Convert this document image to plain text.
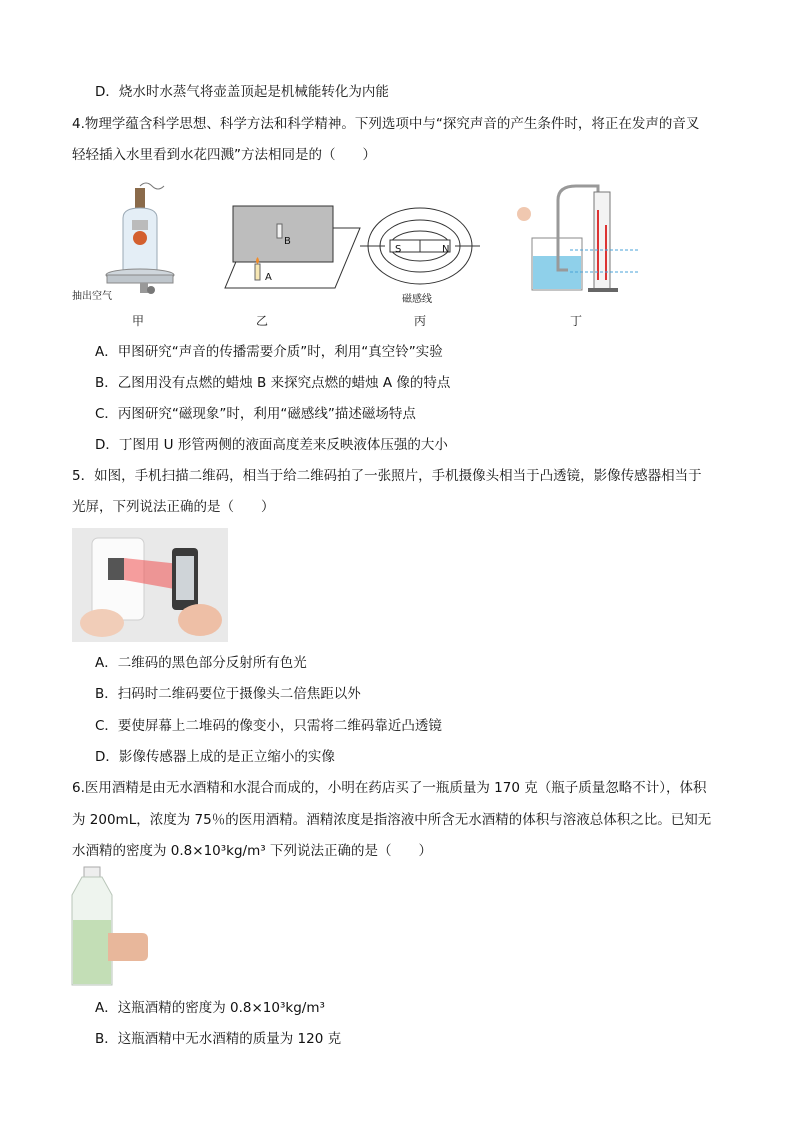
D．烧水时水蒸气将壶盖顶起是机械能转化为内能
4.物理学蕴含科学思想、科学方法和科学精神。下列选项中与“探究声音的产生条件时，将正在发声的音叉
轻轻插入水里看到水花四溅”方法相同是的（　　）
抽出空气
甲
B
A
乙
S	N
磁感线
丙	丁
A．甲图研究“声音的传播需要介质”时，利用“真空铃”实验
B．乙图用没有点燃的蜡烛 B 来探究点燃的蜡烛 A 像的特点
C．丙图研究“磁现象”时，利用“磁感线”描述磁场特点
D．丁图用 U 形管两侧的液面高度差来反映液体压强的大小
5．如图，手机扫描二维码，相当于给二维码拍了一张照片，手机摄像头相当于凸透镜，影像传感器相当于
光屏，下列说法正确的是（　　）
A．二维码的黑色部分反射所有色光
B．扫码时二维码要位于摄像头二倍焦距以外
C．要使屏幕上二堆码的像变小，只需将二维码靠近凸透镜
D．影像传感器上成的是正立缩小的实像
6.医用酒精是由无水酒精和水混合而成的，小明在药店买了一瓶质量为 170 克（瓶子质量忽略不计），体积
为 200mL，浓度为 75％的医用酒精。酒精浓度是指溶液中所含无水酒精的体积与溶液总体积之比。已知无
水酒精的密度为 0.8×10³kg/m³ 下列说法正确的是（　　）
A．这瓶酒精的密度为 0.8×10³kg/m³
B．这瓶酒精中无水酒精的质量为 120 克
